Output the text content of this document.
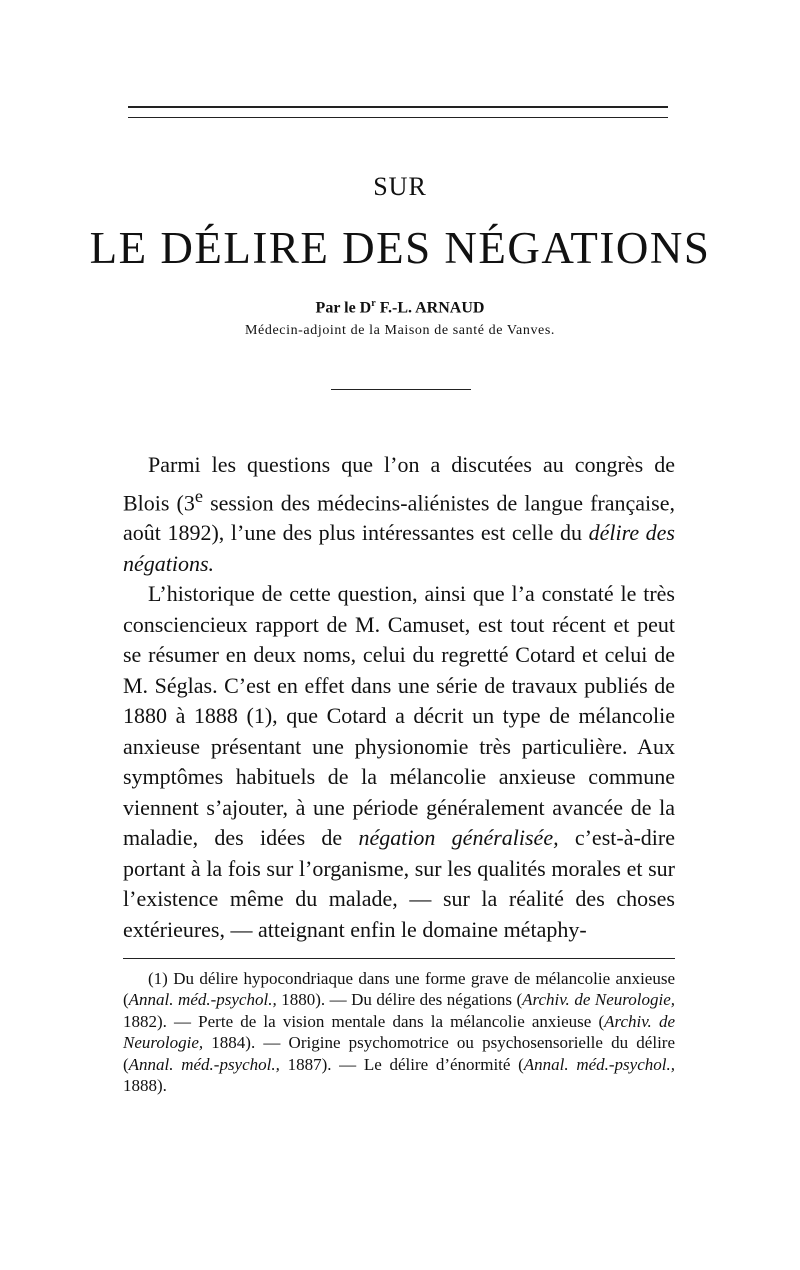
SUR
LE DÉLIRE DES NÉGATIONS
Par le $D^r$ F.-L. ARNAUD
Médecin-adjoint de la Maison de santé de Vanves.

Parmi les questions que l’on a discutées au congrès de Blois (3e session des médecins-aliénistes de langue française, août 1892), l’une des plus intéressantes est celle du délire des négations.

L’historique de cette question, ainsi que l’a constaté le très consciencieux rapport de M. Camuset, est tout récent et peut se résumer en deux noms, celui du regretté Cotard et celui de M. Séglas. C’est en effet dans une série de travaux publiés de 1880 à 1888 (1), que Cotard a décrit un type de mélancolie anxieuse présentant une physionomie très particulière. Aux symptômes habituels de la mélancolie anxieuse commune viennent s’ajouter, à une période généralement avancée de la maladie, des idées de négation généralisée, c’est-à-dire portant à la fois sur l’organisme, sur les qualités morales et sur l’existence même du malade, — sur la réalité des choses extérieures, — atteignant enfin le domaine métaphy-

(1) Du délire hypocondriaque dans une forme grave de mélancolie anxieuse (Annal. méd.-psychol., 1880). — Du délire des négations (Archiv. de Neurologie, 1882). — Perte de la vision mentale dans la mélancolie anxieuse (Archiv. de Neurologie, 1884). — Origine psychomotrice ou psychosensorielle du délire (Annal. méd.-psychol., 1887). — Le délire d’énormité (Annal. méd.-psychol., 1888).
